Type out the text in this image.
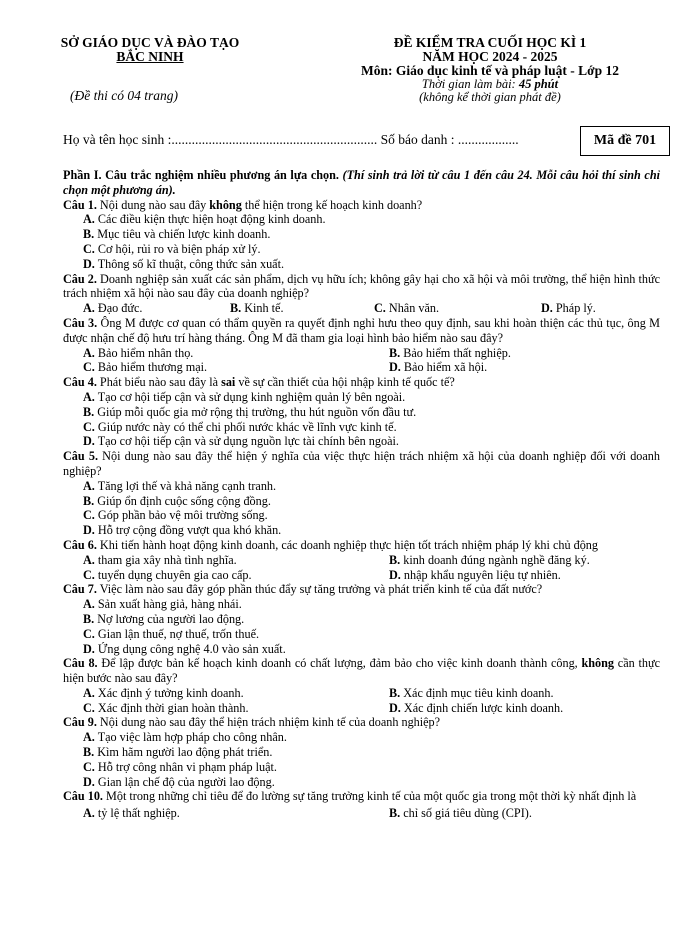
SỞ GIÁO DỤC VÀ ĐÀO TẠO
BẮC NINH
(Đề thi có 04 trang)
ĐỀ KIỂM TRA CUỐI HỌC KÌ 1
NĂM HỌC 2024 - 2025
Môn: Giáo dục kinh tế và pháp luật - Lớp 12
Thời gian làm bài: 45 phút
(không kể thời gian phát đề)
Họ và tên học sinh :............................................................. Số báo danh : ..................	Mã đề 701

Phần I. Câu trắc nghiệm nhiều phương án lựa chọn. (Thí sinh trả lời từ câu 1 đến câu 24. Mỗi câu hỏi thí sinh chỉ chọn một phương án).

Câu 1. Nội dung nào sau đây không thể hiện trong kế hoạch kinh doanh?

A. Các điều kiện thực hiện hoạt động kinh doanh.

B. Mục tiêu và chiến lược kinh doanh.

C. Cơ hội, rủi ro và biện pháp xử lý.

D. Thông số kĩ thuật, công thức sản xuất.

Câu 2. Doanh nghiệp sản xuất các sản phẩm, dịch vụ hữu ích; không gây hại cho xã hội và môi trường, thể hiện hình thức trách nhiệm xã hội nào sau đây của doanh nghiệp?

A. Đạo đức.	B. Kinh tế.	C. Nhân văn.	D. Pháp lý.

Câu 3. Ông M được cơ quan có thẩm quyền ra quyết định nghỉ hưu theo quy định, sau khi hoàn thiện các thủ tục, ông M được nhận chế độ hưu trí hàng tháng. Ông M đã tham gia loại hình bảo hiểm nào sau đây?

A. Bảo hiểm nhân thọ.	B. Bảo hiểm thất nghiệp.
C. Bảo hiểm thương mại.	D. Bảo hiểm xã hội.

Câu 4. Phát biểu nào sau đây là sai về sự cần thiết của hội nhập kinh tế quốc tế?

A. Tạo cơ hội tiếp cận và sử dụng kinh nghiệm quản lý bên ngoài.

B. Giúp mỗi quốc gia mở rộng thị trường, thu hút nguồn vốn đầu tư.

C. Giúp nước này có thể chi phối nước khác về lĩnh vực kinh tế.

D. Tạo cơ hội tiếp cận và sử dụng nguồn lực tài chính bên ngoài.

Câu 5. Nội dung nào sau đây thể hiện ý nghĩa của việc thực hiện trách nhiệm xã hội của doanh nghiệp đối với doanh nghiệp?

A. Tăng lợi thế và khả năng cạnh tranh.

B. Giúp ổn định cuộc sống cộng đồng.

C. Góp phần bảo vệ môi trường sống.

D. Hỗ trợ cộng đồng vượt qua khó khăn.

Câu 6. Khi tiến hành hoạt động kinh doanh, các doanh nghiệp thực hiện tốt trách nhiệm pháp lý khi chủ động

A. tham gia xây nhà tình nghĩa.	B. kinh doanh đúng ngành nghề đăng ký.
C. tuyển dụng chuyên gia cao cấp.	D. nhập khẩu nguyên liệu tự nhiên.

Câu 7. Việc làm nào sau đây góp phần thúc đẩy sự tăng trưởng và phát triển kinh tế của đất nước?

A. Sản xuất hàng giả, hàng nhái.

B. Nợ lương của người lao động.

C. Gian lận thuế, nợ thuế, trốn thuế.

D. Ứng dụng công nghệ 4.0 vào sản xuất.

Câu 8. Để lập được bản kế hoạch kinh doanh có chất lượng, đảm bảo cho việc kinh doanh thành công, không cần thực hiện bước nào sau đây?

A. Xác định ý tưởng kinh doanh.	B. Xác định mục tiêu kinh doanh.
C. Xác định thời gian hoàn thành.	D. Xác định chiến lược kinh doanh.

Câu 9. Nội dung nào sau đây thể hiện trách nhiệm kinh tế của doanh nghiệp?

A. Tạo việc làm hợp pháp cho công nhân.

B. Kìm hãm người lao động phát triển.

C. Hỗ trợ công nhân vi phạm pháp luật.

D. Gian lận chế độ của người lao động.

Câu 10. Một trong những chỉ tiêu để đo lường sự tăng trưởng kinh tế của một quốc gia trong một thời kỳ nhất định là

A. tỷ lệ thất nghiệp.	B. chỉ số giá tiêu dùng (CPI).
